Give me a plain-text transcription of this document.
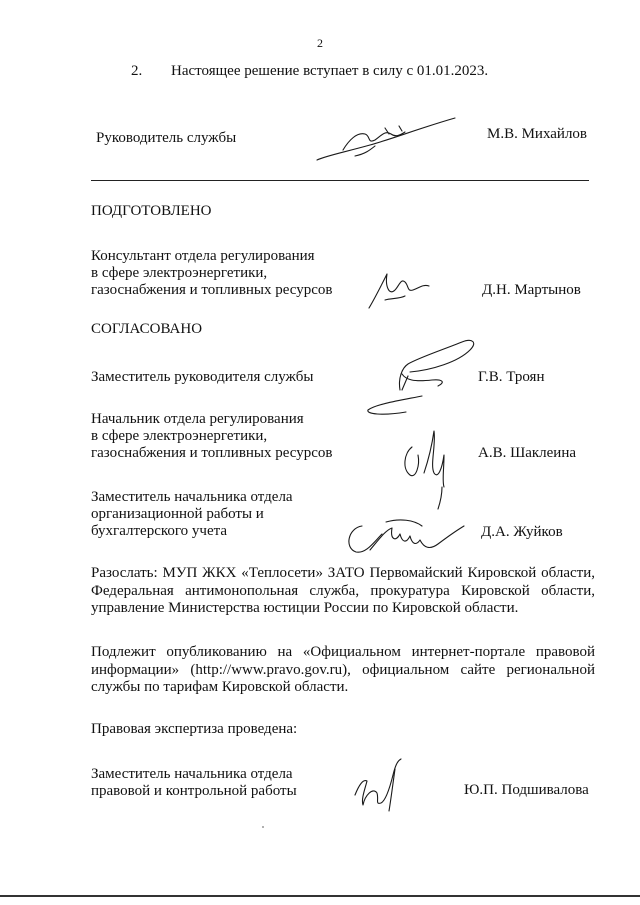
2
2. Настоящее решение вступает в силу с 01.01.2023.
Руководитель службы	М.В. Михайлов
ПОДГОТОВЛЕНО
Консультант отдела регулирования
в сфере электроэнергетики,
газоснабжения и топливных ресурсов	Д.Н. Мартынов
СОГЛАСОВАНО
Заместитель руководителя службы	Г.В. Троян
Начальник отдела регулирования
в сфере электроэнергетики,
газоснабжения и топливных ресурсов	А.В. Шаклеина
Заместитель начальника отдела
организационной работы и
бухгалтерского учета	Д.А. Жуйков
Разослать: МУП ЖКХ «Теплосети» ЗАТО Первомайский Кировской области, Федеральная антимонопольная служба, прокуратура Кировской области, управление Министерства юстиции России по Кировской области.
Подлежит опубликованию на «Официальном интернет-портале правовой информации» (http://www.pravo.gov.ru), официальном сайте региональной службы по тарифам Кировской области.
Правовая экспертиза проведена:
Заместитель начальника отдела
правовой и контрольной работы	Ю.П. Подшивалова
